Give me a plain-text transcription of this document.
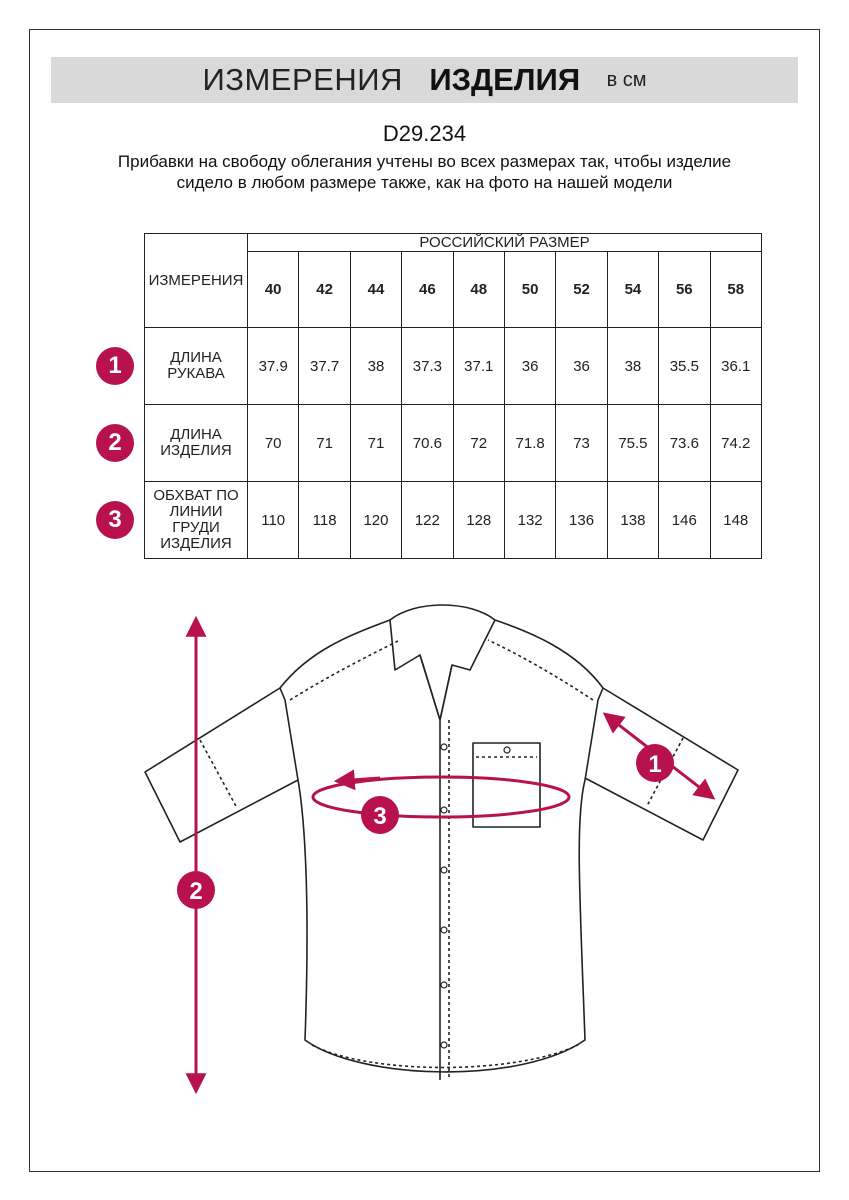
ИЗМЕРЕНИЯ ИЗДЕЛИЯ в см
D29.234
Прибавки на свободу облегания учтены во всех размерах так, чтобы изделие сидело в любом размере также, как на фото на нашей модели
ИЗМЕРЕНИЯ	РОССИЙСКИЙ РАЗМЕР									
	40	42	44	46	48	50	52	54	56	58
ДЛИНА РУКАВА	37.9	37.7	38	37.3	37.1	36	36	38	35.5	36.1
ДЛИНА ИЗДЕЛИЯ	70	71	71	70.6	72	71.8	73	75.5	73.6	74.2
ОБХВАТ ПО ЛИНИИ ГРУДИ ИЗДЕЛИЯ	110	118	120	122	128	132	136	138	146	148
1
2
3
1
2
3
